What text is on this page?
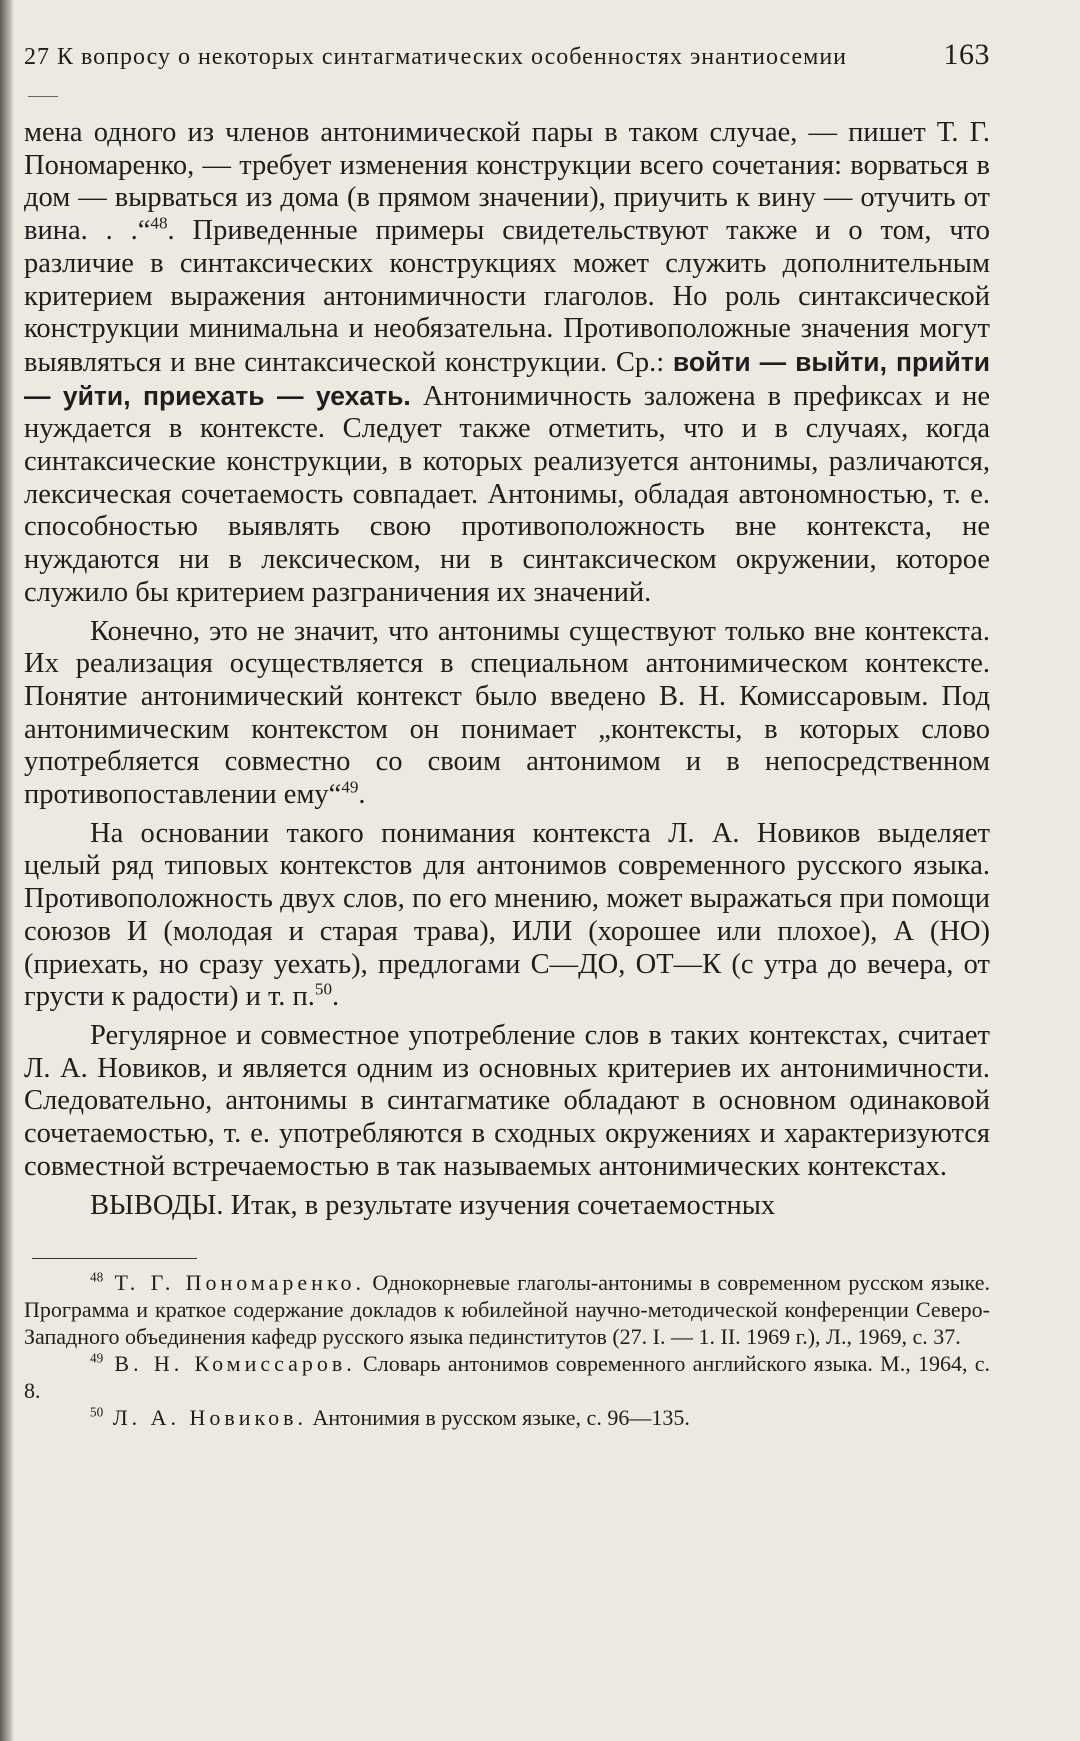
27 К вопросу о некоторых синтагматических особенностях энантиосемии	163

мена одного из членов антонимической пары в таком случае, — пишет Т. Г. Пономаренко, — требует изменения конструкции всего сочетания: ворваться в дом — вырваться из дома (в прямом значении), приучить к вину — отучить от вина. . .“$^{48}$. Приведенные примеры свидетельствуют также и о том, что различие в синтаксических конструкциях может служить дополнительным критерием выражения антонимичности глаголов. Но роль синтаксической конструкции минимальна и необязательна. Противоположные значения могут выявляться и вне синтаксической конструкции. Ср.: войти — выйти, прийти — уйти, приехать — уехать. Антонимичность заложена в префиксах и не нуждается в контексте. Следует также отметить, что и в случаях, когда синтаксические конструкции, в которых реализуется антонимы, различаются, лексическая сочетаемость совпадает. Антонимы, обладая автономностью, т. е. способностью выявлять свою противоположность вне контекста, не нуждаются ни в лексическом, ни в синтаксическом окружении, которое служило бы критерием разграничения их значений.

Конечно, это не значит, что антонимы существуют только вне контекста. Их реализация осуществляется в специальном антонимическом контексте. Понятие антонимический контекст было введено В. Н. Комиссаровым. Под антонимическим контекстом он понимает „контексты, в которых слово употребляется совместно со своим антонимом и в непосредственном противопоставлении ему“$^{49}$.

На основании такого понимания контекста Л. А. Новиков выделяет целый ряд типовых контекстов для антонимов современного русского языка. Противоположность двух слов, по его мнению, может выражаться при помощи союзов И (молодая и старая трава), ИЛИ (хорошее или плохое), А (НО) (приехать, но сразу уехать), предлогами С—ДО, ОТ—К (с утра до вечера, от грусти к радости) и т. п.$^{50}$.

Регулярное и совместное употребление слов в таких контекстах, считает Л. А. Новиков, и является одним из основных критериев их антонимичности. Следовательно, антонимы в синтагматике обладают в основном одинаковой сочетаемостью, т. е. употребляются в сходных окружениях и характеризуются совместной встречаемостью в так называемых антонимических контекстах.

ВЫВОДЫ. Итак, в результате изучения сочетаемостных

$^{48}$ Т. Г. Пономаренко. Однокорневые глаголы-антонимы в современном русском языке. Программа и краткое содержание докладов к юбилейной научно-методической конференции Северо-Западного объединения кафедр русского языка пединститутов (27. I. — 1. II. 1969 г.), Л., 1969, с. 37.

$^{49}$ В. Н. Комиссаров. Словарь антонимов современного английского языка. М., 1964, с. 8.

$^{50}$ Л. А. Новиков. Антонимия в русском языке, с. 96—135.
